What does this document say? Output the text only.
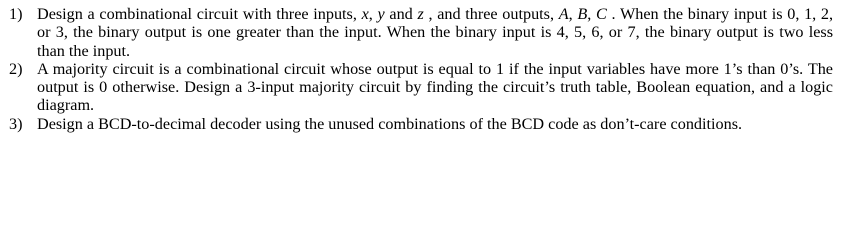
1) Design a combinational circuit with three inputs, x, y and z , and three outputs, A, B, C . When the binary input is 0, 1, 2, or 3, the binary output is one greater than the input. When the binary input is 4, 5, 6, or 7, the binary output is two less than the input.
2) A majority circuit is a combinational circuit whose output is equal to 1 if the input variables have more 1’s than 0’s. The output is 0 otherwise. Design a 3-input majority circuit by finding the circuit’s truth table, Boolean equation, and a logic diagram.
3) Design a BCD-to-decimal decoder using the unused combinations of the BCD code as don’t-care conditions.
